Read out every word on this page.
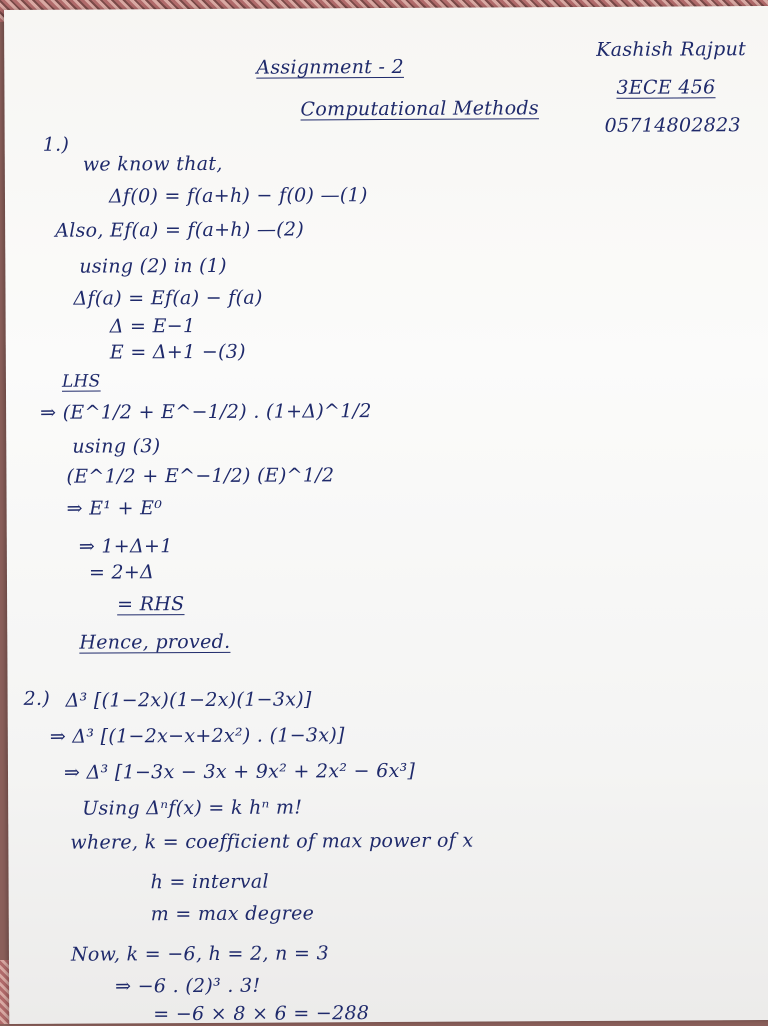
Assignment - 2
Computational Methods
Kashish Rajput
3ECE 456
05714802823
1.)
we know that,
Δf(0) = f(a+h) − f(0) —(1)
Also, Ef(a) = f(a+h) —(2)
using (2) in (1)
Δf(a) = Ef(a) − f(a)
Δ = E−1
E = Δ+1 −(3)
LHS
⇒ (E^1/2 + E^−1/2) . (1+Δ)^1/2
using (3)
(E^1/2 + E^−1/2) (E)^1/2
⇒ E¹ + E⁰
⇒ 1+Δ+1
= 2+Δ
= RHS
Hence, proved.
2.) Δ³ [(1−2x)(1−2x)(1−3x)]
⇒ Δ³ [(1−2x−x+2x²) . (1−3x)]
⇒ Δ³ [1−3x − 3x + 9x² + 2x² − 6x³]
Using Δⁿf(x) = k hⁿ m!
where, k = coefficient of max power of x
h = interval
m = max degree
Now, k = −6, h = 2, n = 3
⇒ −6 . (2)³ . 3!
= −6 × 8 × 6 = −288
